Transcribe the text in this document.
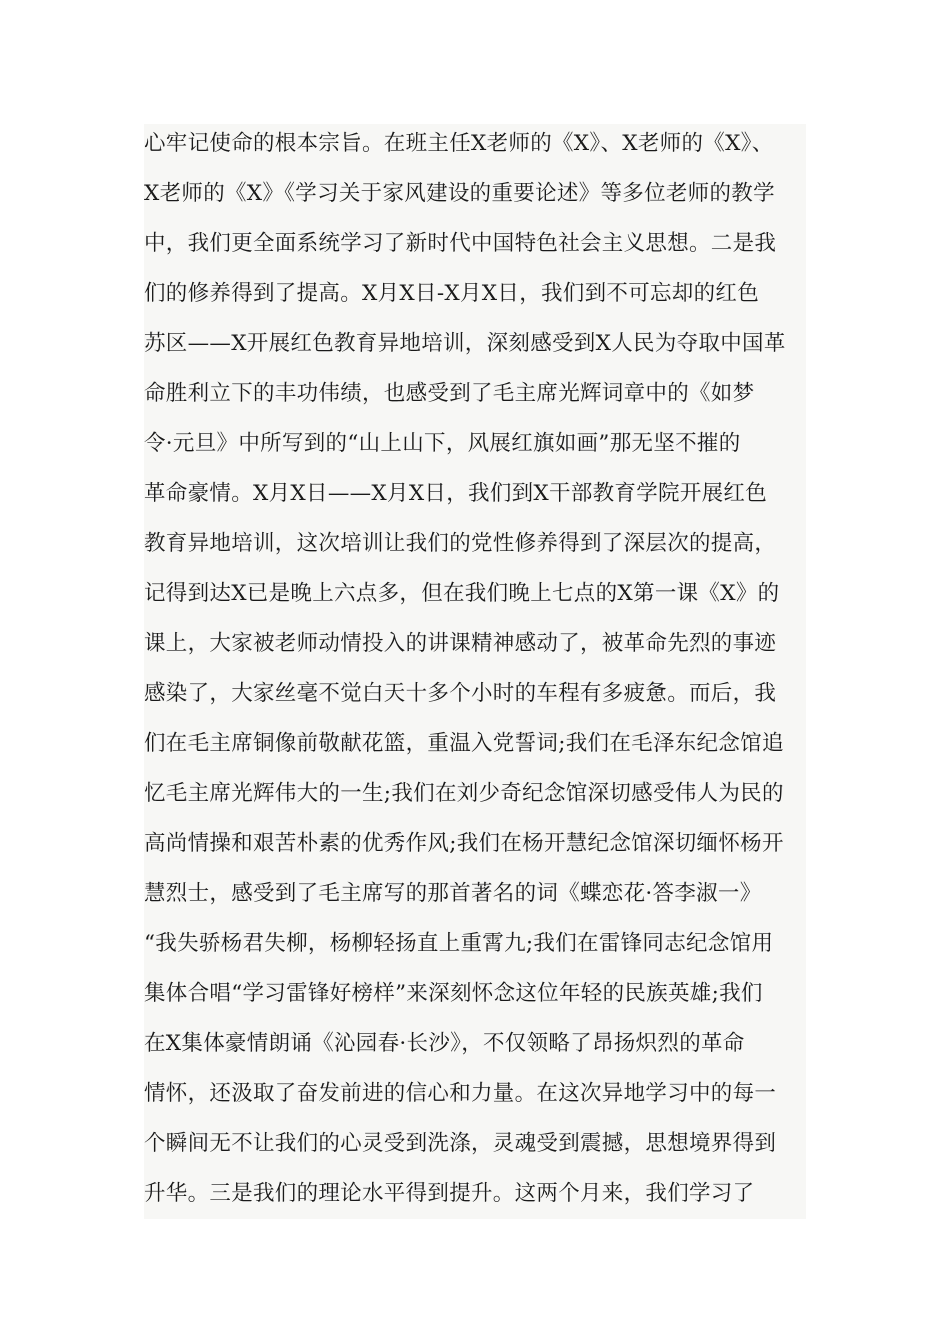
心牢记使命的根本宗旨。在班主任X老师的《X》、X老师的《X》、
X老师的《X》《学习关于家风建设的重要论述》等多位老师的教学
中，我们更全面系统学习了新时代中国特色社会主义思想。二是我
们的修养得到了提高。X月X日-X月X日，我们到不可忘却的红色
苏区——X开展红色教育异地培训，深刻感受到X人民为夺取中国革
命胜利立下的丰功伟绩，也感受到了毛主席光辉词章中的《如梦
令·元旦》中所写到的“山上山下，风展红旗如画”那无坚不摧的
革命豪情。X月X日——X月X日，我们到X干部教育学院开展红色
教育异地培训，这次培训让我们的党性修养得到了深层次的提高，
记得到达X已是晚上六点多，但在我们晚上七点的X第一课《X》的
课上，大家被老师动情投入的讲课精神感动了，被革命先烈的事迹
感染了，大家丝毫不觉白天十多个小时的车程有多疲惫。而后，我
们在毛主席铜像前敬献花篮，重温入党誓词;我们在毛泽东纪念馆追
忆毛主席光辉伟大的一生;我们在刘少奇纪念馆深切感受伟人为民的
高尚情操和艰苦朴素的优秀作风;我们在杨开慧纪念馆深切缅怀杨开
慧烈士，感受到了毛主席写的那首著名的词《蝶恋花·答李淑一》
“我失骄杨君失柳，杨柳轻扬直上重霄九;我们在雷锋同志纪念馆用
集体合唱“学习雷锋好榜样”来深刻怀念这位年轻的民族英雄;我们
在X集体豪情朗诵《沁园春·长沙》，不仅领略了昂扬炽烈的革命
情怀，还汲取了奋发前进的信心和力量。在这次异地学习中的每一
个瞬间无不让我们的心灵受到洗涤，灵魂受到震撼，思想境界得到
升华。三是我们的理论水平得到提升。这两个月来，我们学习了
